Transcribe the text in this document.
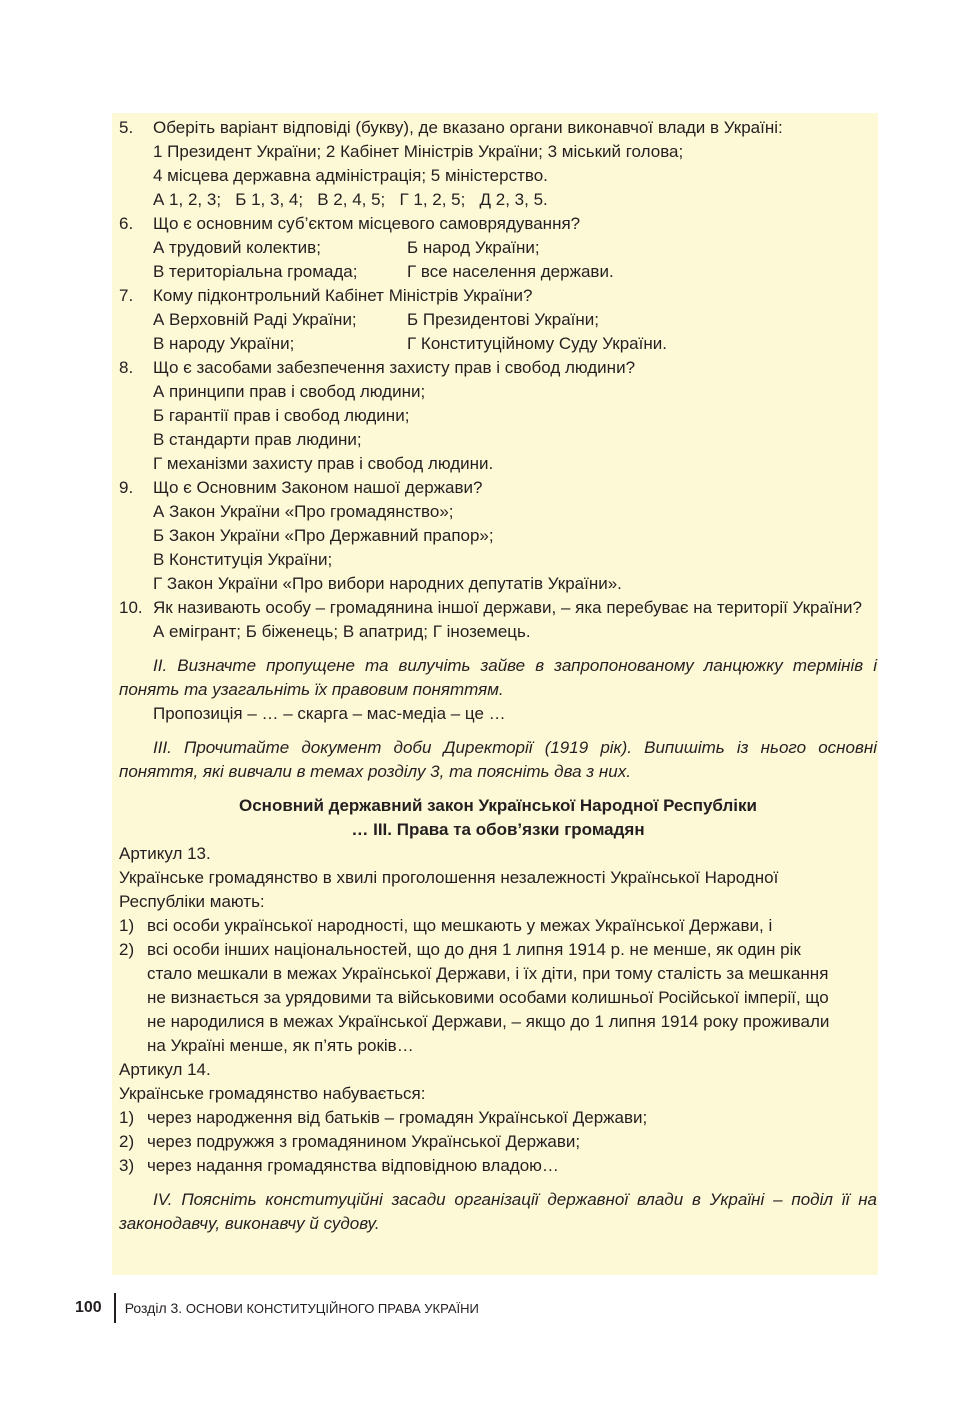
5.	Оберіть варіант відповіді (букву), де вказано органи виконавчої влади в Україні:
1 Президент України; 2 Кабінет Міністрів України; 3 міський голова;
4 місцева державна адміністрація; 5 міністерство.
А 1, 2, 3;   Б 1, 3, 4;   В 2, 4, 5;   Г 1, 2, 5;   Д 2, 3, 5.
6.	Що є основним суб’єктом місцевого самоврядування?
А трудовий колектив;	Б народ України;
В територіальна громада;	Г все населення держави.
7.	Кому підконтрольний Кабінет Міністрів України?
А Верховній Раді України;	Б Президентові України;
В народу України;	Г Конституційному Суду України.
8.	Що є засобами забезпечення захисту прав і свобод людини?
А принципи прав і свобод людини;
Б гарантії прав і свобод людини;
В стандарти прав людини;
Г механізми захисту прав і свобод людини.
9.	Що є Основним Законом нашої держави?
А Закон України «Про громадянство»;
Б Закон України «Про Державний прапор»;
В Конституція України;
Г Закон України «Про вибори народних депутатів України».
10. Як називають особу – громадянина іншої держави, – яка перебуває на території України?
А емігрант; Б біженець; В апатрид; Г іноземець.
ІІ. Визначте пропущене та вилучіть зайве в запропонованому ланцюжку термінів і понять та узагальніть їх правовим поняттям.
Пропозиція – … – скарга – мас-медіа – це …
ІІІ. Прочитайте документ доби Директорії (1919 рік). Випишіть із нього основні поняття, які вивчали в темах розділу 3, та поясніть два з них.
Основний державний закон Української Народної Республіки
… ІІІ. Права та обов’язки громадян
Артикул 13.
Українське громадянство в хвилі проголошення незалежності Української Народної Республіки мають:
1) всі особи української народності, що мешкають у межах Української Держави, і
2) всі особи інших національностей, що до дня 1 липня 1914 р. не менше, як один рік стало мешкали в межах Української Держави, і їх діти, при тому сталість за мешкання не визнається за урядовими та військовими особами колишньої Російської імперії, що не народилися в межах Української Держави, – якщо до 1 липня 1914 року проживали на Україні менше, як п’ять років…
Артикул 14.
Українське громадянство набувається:
1) через народження від батьків – громадян Української Держави;
2) через подружжя з громадянином Української Держави;
3) через надання громадянства відповідною владою…
IV. Поясніть конституційні засади організації державної влади в Україні – поділ її на законодавчу, виконавчу й судову.
100 Розділ 3.
ОСНОВИ КОНСТИТУЦІЙНОГО ПРАВА УКРАЇНИ
